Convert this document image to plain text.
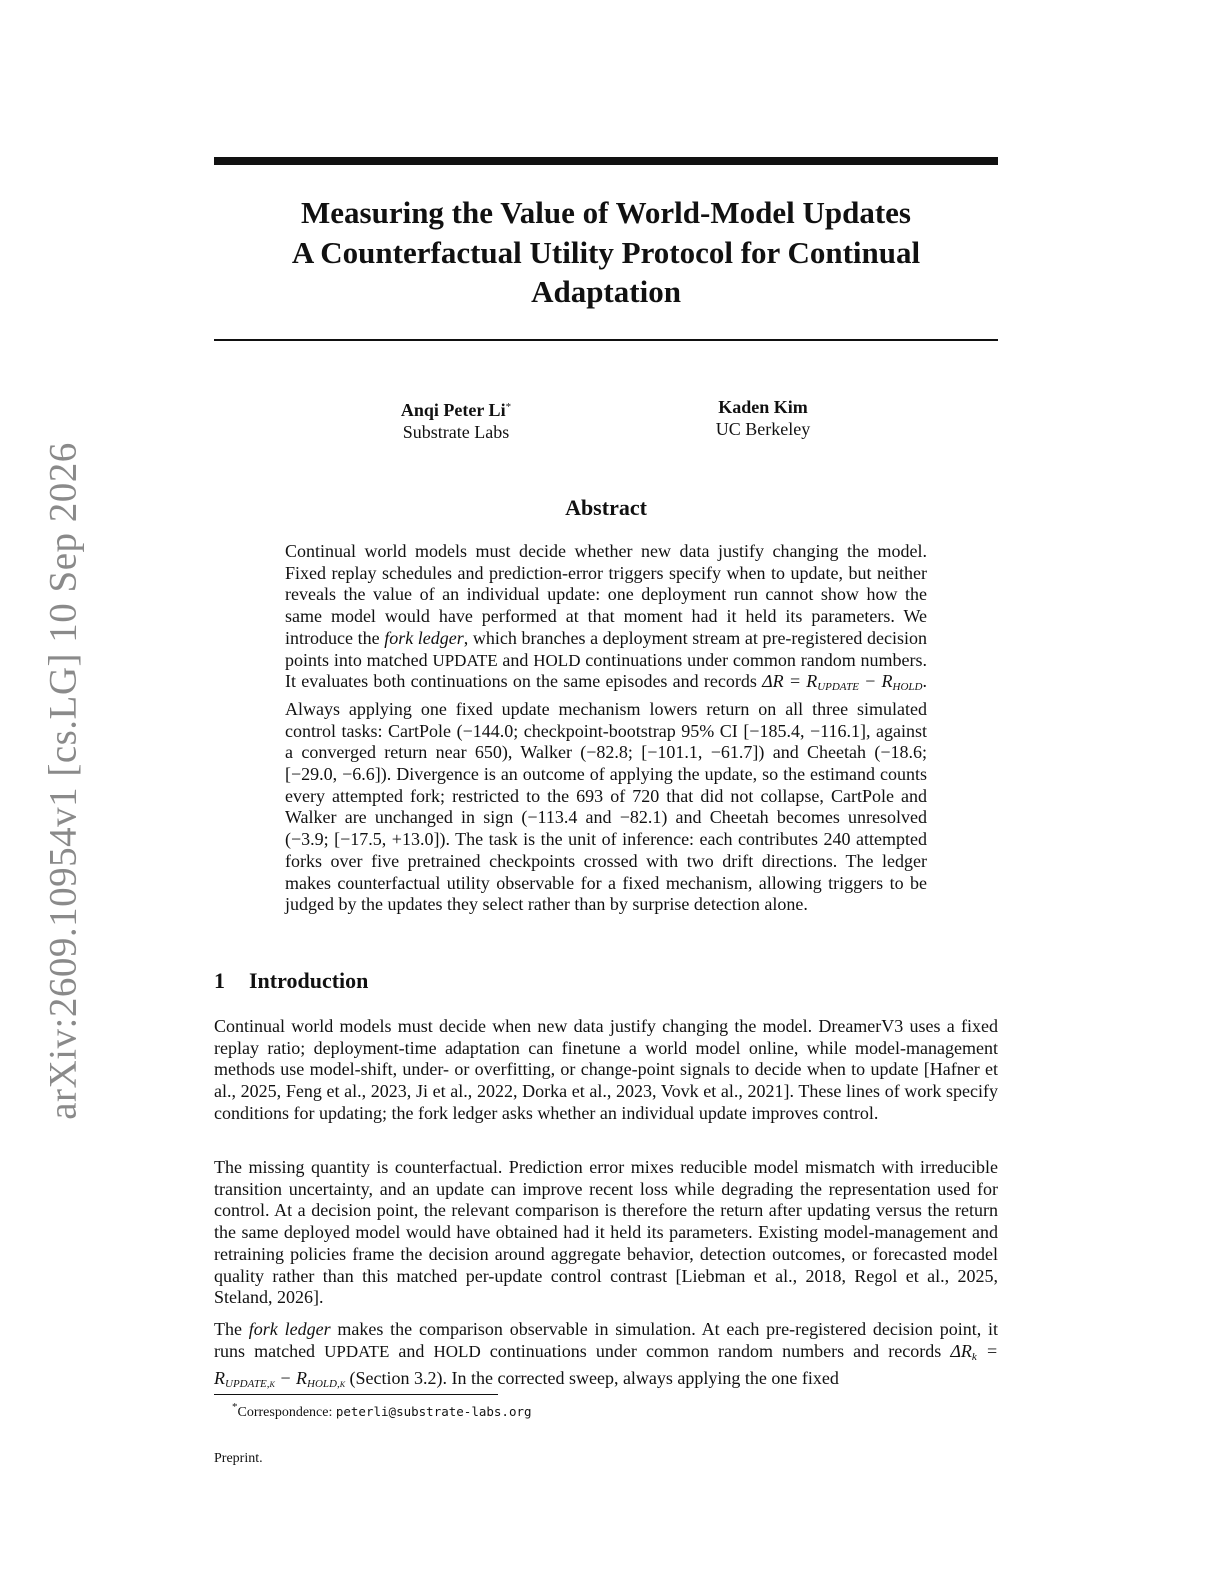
arXiv:2609.10954v1 [cs.LG] 10 Sep 2026
Measuring the Value of World-Model Updates
A Counterfactual Utility Protocol for Continual
Adaptation
Anqi Peter Li*
Substrate Labs
Kaden Kim
UC Berkeley
Abstract
Continual world models must decide whether new data justify changing the model. Fixed replay schedules and prediction-error triggers specify when to update, but neither reveals the value of an individual update: one deployment run cannot show how the same model would have performed at that moment had it held its parameters. We introduce the fork ledger, which branches a deployment stream at pre-registered decision points into matched UPDATE and HOLD continuations under common random numbers. It evaluates both continuations on the same episodes and records $\Delta R = R_{UPDATE} - R_{HOLD}$. Always applying one fixed update mechanism lowers return on all three simulated control tasks: CartPole (−144.0; checkpoint-bootstrap 95% CI [−185.4, −116.1], against a converged return near 650), Walker (−82.8; [−101.1, −61.7]) and Cheetah (−18.6; [−29.0, −6.6]). Divergence is an outcome of applying the update, so the estimand counts every attempted fork; restricted to the 693 of 720 that did not collapse, CartPole and Walker are unchanged in sign (−113.4 and −82.1) and Cheetah becomes unresolved (−3.9; [−17.5, +13.0]). The task is the unit of inference: each contributes 240 attempted forks over five pretrained checkpoints crossed with two drift directions. The ledger makes counterfactual utility observable for a fixed mechanism, allowing triggers to be judged by the updates they select rather than by surprise detection alone.
1 Introduction

Continual world models must decide when new data justify changing the model. DreamerV3 uses a fixed replay ratio; deployment-time adaptation can finetune a world model online, while model-management methods use model-shift, under- or overfitting, or change-point signals to decide when to update [Hafner et al., 2025, Feng et al., 2023, Ji et al., 2022, Dorka et al., 2023, Vovk et al., 2021]. These lines of work specify conditions for updating; the fork ledger asks whether an individual update improves control.

The missing quantity is counterfactual. Prediction error mixes reducible model mismatch with irreducible transition uncertainty, and an update can improve recent loss while degrading the representation used for control. At a decision point, the relevant comparison is therefore the return after updating versus the return the same deployed model would have obtained had it held its parameters. Existing model-management and retraining policies frame the decision around aggregate behavior, detection outcomes, or forecasted model quality rather than this matched per-update control contrast [Liebman et al., 2018, Regol et al., 2025, Steland, 2026].

The fork ledger makes the comparison observable in simulation. At each pre-registered decision point, it runs matched UPDATE and HOLD continuations under common random numbers and records $\Delta Rk = R_{UPDATE,k} - R_{HOLD,k}$ (Section 3.2). In the corrected sweep, always applying the one fixed

*Correspondence: peterli@substrate-labs.org
Preprint.
